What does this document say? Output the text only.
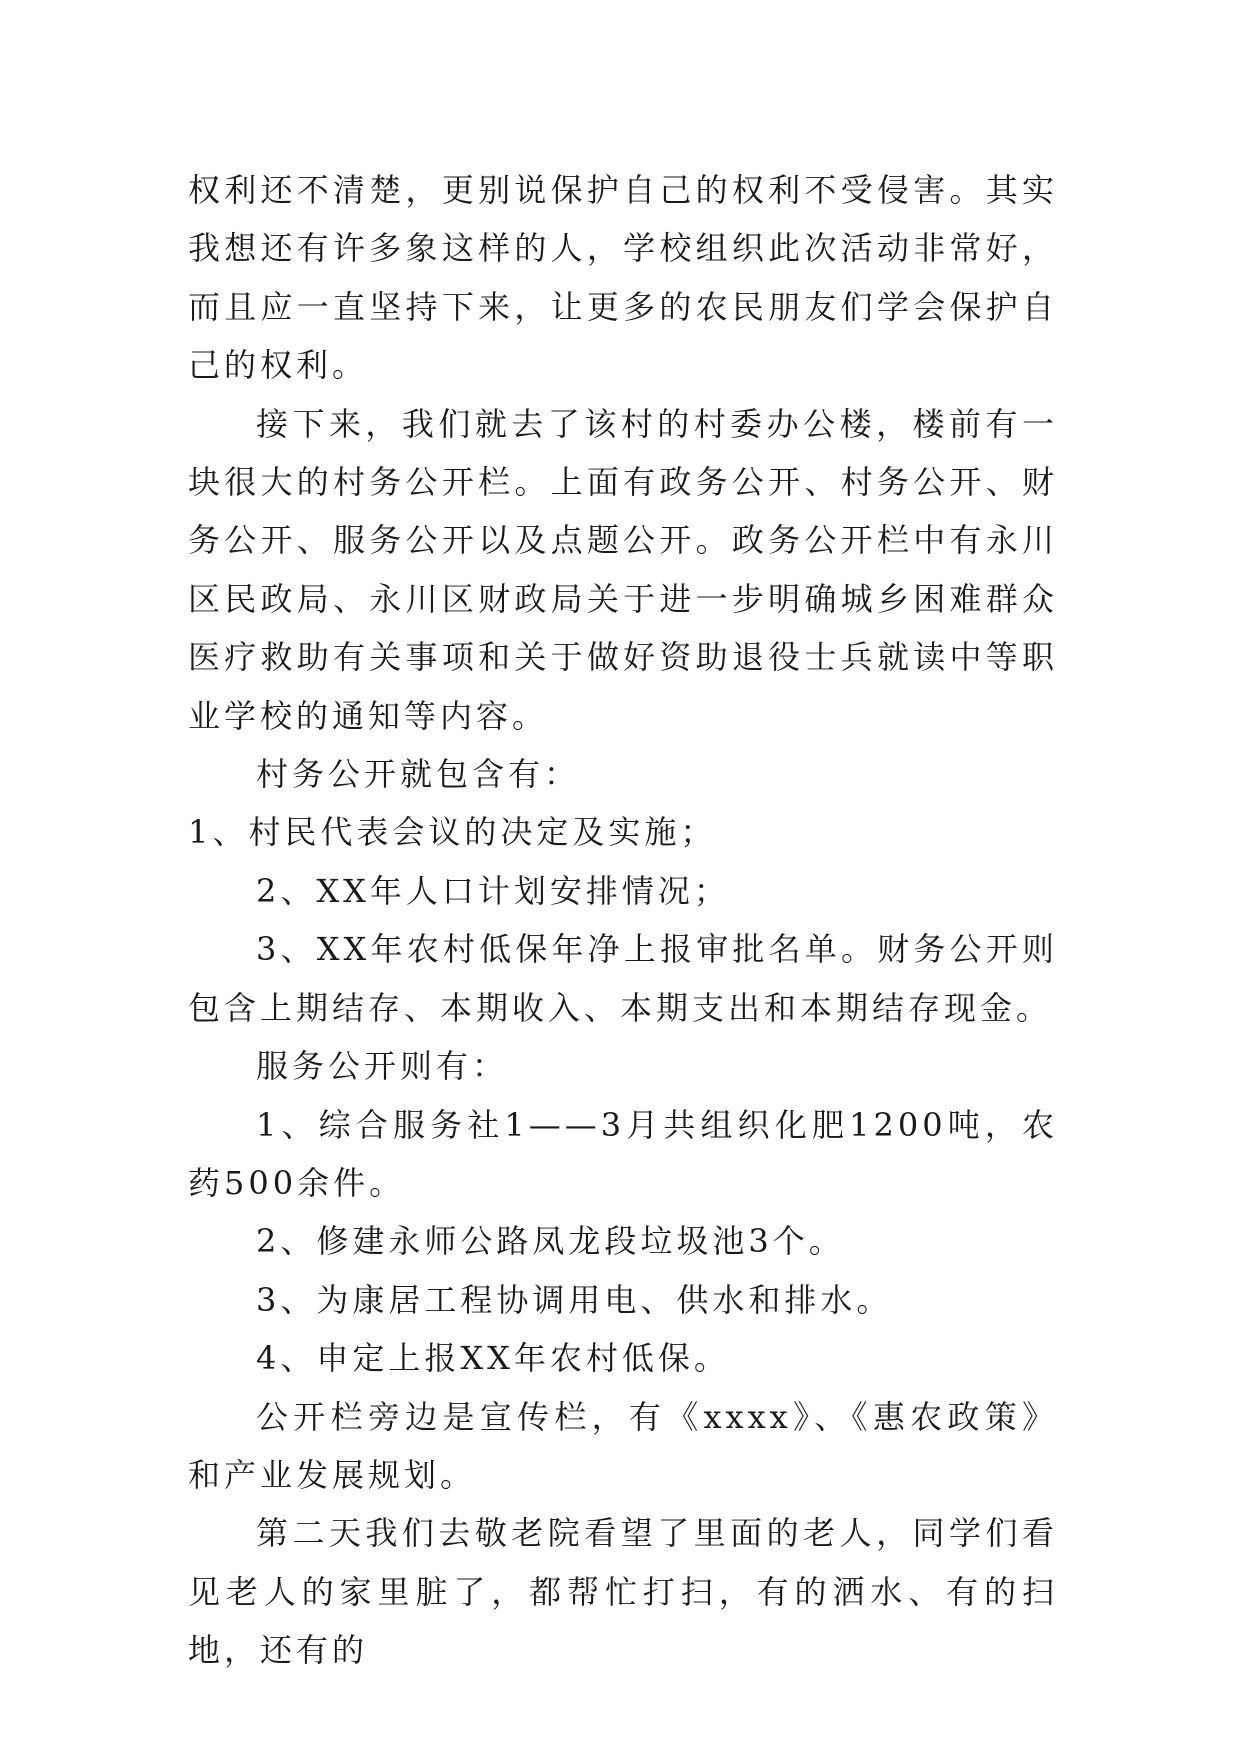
权利还不清楚，更别说保护自己的权利不受侵害。其实我想还有许多象这样的人，学校组织此次活动非常好，而且应一直坚持下来，让更多的农民朋友们学会保护自己的权利。

接下来，我们就去了该村的村委办公楼，楼前有一块很大的村务公开栏。上面有政务公开、村务公开、财务公开、服务公开以及点题公开。政务公开栏中有永川区民政局、永川区财政局关于进一步明确城乡困难群众医疗救助有关事项和关于做好资助退役士兵就读中等职业学校的通知等内容。

村务公开就包含有：

1、村民代表会议的决定及实施；

2、XX年人口计划安排情况；

3、XX年农村低保年净上报审批名单。财务公开则包含上期结存、本期收入、本期支出和本期结存现金。

服务公开则有：

1、综合服务社1——3月共组织化肥1200吨，农药500余件。

2、修建永师公路凤龙段垃圾池3个。

3、为康居工程协调用电、供水和排水。

4、申定上报XX年农村低保。

公开栏旁边是宣传栏，有《xxxx》、《惠农政策》和产业发展规划。

第二天我们去敬老院看望了里面的老人，同学们看见老人的家里脏了，都帮忙打扫，有的洒水、有的扫地，还有的
